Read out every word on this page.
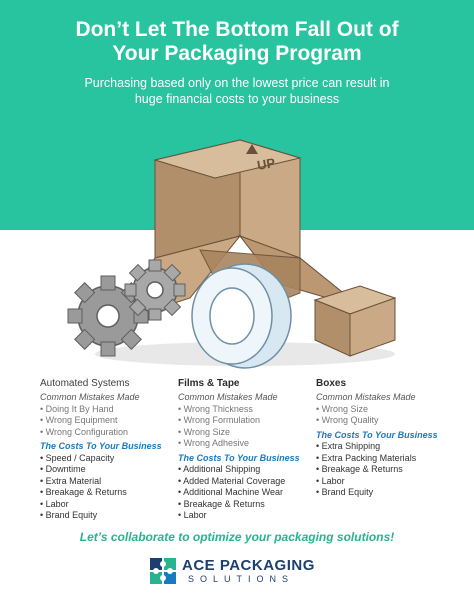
Don’t Let The Bottom Fall Out of
Your Packaging Program
Purchasing based only on the lowest price can result in
huge financial costs to your business
UP
Automated Systems
Common Mistakes Made
• Doing It By Hand
• Wrong Equipment
• Wrong Configuration
The Costs To Your Business
• Speed / Capacity
• Downtime
• Extra Material
• Breakage & Returns
• Labor
• Brand Equity
Films & Tape
Common Mistakes Made
• Wrong Thickness
• Wrong Formulation
• Wrong Size
• Wrong Adhesive
The Costs To Your Business
• Additional Shipping
• Added Material Coverage
• Additional Machine Wear
• Breakage & Returns
• Labor
Boxes
Common Mistakes Made
• Wrong Size
• Wrong Quality
The Costs To Your Business
• Extra Shipping
• Extra Packing Materials
• Breakage & Returns
• Labor
• Brand Equity
Let’s collaborate to optimize your packaging solutions!
ACE PACKAGING
SOLUTIONS
